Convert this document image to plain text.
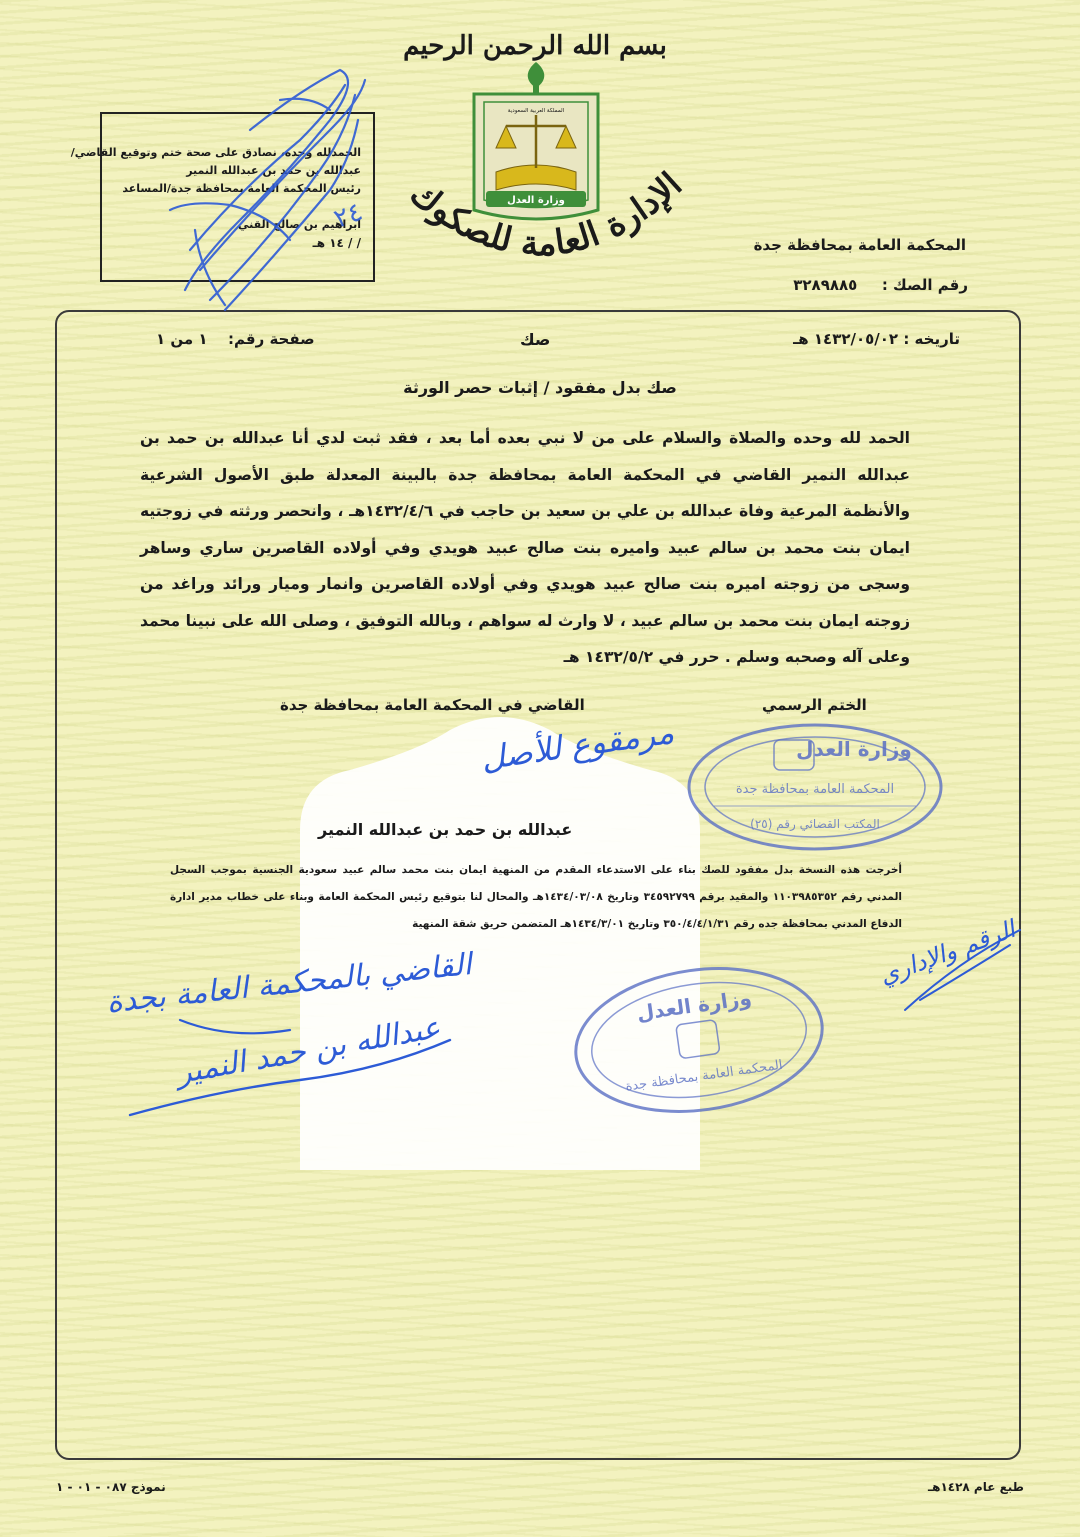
بسم الله الرحمن الرحيم
وزارة العدل
المملكة العربية السعودية
الإدارة العامة للصكوك
الحمدلله وحده، نصادق على صحة ختم وتوقيع القاضي/
عبدالله بن حمد بن عبدالله النمير
رئيس المحكمة العامة بمحافظة جدة/المساعد
ابراهيم بن صالح القني
/ / ١٤ هـ	المحكمة العامة بمحافظة جدة
رقم الصك :  ٣٢٨٩٨٨٥
تاريخه : ١٤٣٢/٠٥/٠٢ هـ
صك
صفحة رقم:  ١ من ١
صك بدل مفقود / إثبات حصر الورثة
الحمد لله وحده والصلاة والسلام على من لا نبي بعده أما بعد ، فقد ثبت لدي أنا عبدالله بن حمد بن عبدالله النمير القاضي في المحكمة العامة بمحافظة جدة بالبينة المعدلة طبق الأصول الشرعية والأنظمة المرعية وفاة عبدالله بن علي بن سعيد بن حاجب في ١٤٣٢/٤/٦هـ ، وانحصر ورثته في زوجتيه ايمان بنت محمد بن سالم عبيد واميره بنت صالح عبيد هويدي وفي أولاده القاصرين ساري وساهر وسجى من زوجته اميره بنت صالح عبيد هويدي وفي أولاده القاصرين وانمار وميار ورائد وراغد من زوجته ايمان بنت محمد بن سالم عبيد ، لا وارث له سواهم ، وبالله التوفيق ، وصلى الله على نبينا محمد وعلى آله وصحبه وسلم . حرر في ١٤٣٢/٥/٢ هـ
الختم الرسمي
القاضي في المحكمة العامة بمحافظة جدة
عبدالله بن حمد بن عبدالله النمير
أخرجت هذه النسخة بدل مفقود للصك بناء على الاستدعاء المقدم من المنهية ايمان بنت محمد سالم عبيد سعودية الجنسية بموجب السجل المدني رقم ١١٠٣٩٨٥٣٥٢ والمقيد برقم ٣٤٥٩٢٧٩٩ وتاريخ ١٤٣٤/٠٣/٠٨هـ والمحال لنا بتوقيع رئيس المحكمة العامة وبناء على خطاب مدير ادارة الدفاع المدني بمحافظة جده رقم ٣٥٠/٤/٤/١/٣١ وتاريخ ١٤٣٤/٣/٠١هـ المتضمن حريق شقة المنهية
وزارة العدل
المحكمة العامة بمحافظة جدة
المكتب القضائي رقم (٢٥)
وزارة العدل
المحكمة العامة بمحافظة جدة
٢٤
مرمقوع للأصل
القاضي بالمحكمة العامة بجدة
عبدالله بن حمد النمير
الرقم والإداري
نموذج ٠٨٧ - ٠١ - ١	طبع عام ١٤٢٨هـ
